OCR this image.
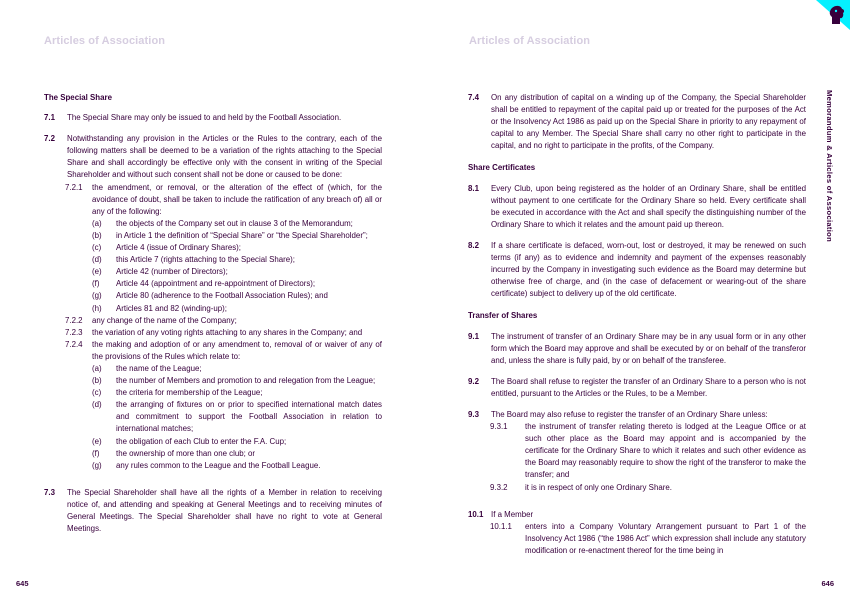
Articles of Association	Articles of Association
Memorandum & Articles of Association
The Special Share
7.1	The Special Share may only be issued to and held by the Football Association.
7.2	Notwithstanding any provision in the Articles or the Rules to the contrary, each of the following matters shall be deemed to be a variation of the rights attaching to the Special Share and shall accordingly be effective only with the consent in writing of the Special Shareholder and without such consent shall not be done or caused to be done:
7.2.1	the amendment, or removal, or the alteration of the effect of (which, for the avoidance of doubt, shall be taken to include the ratification of any breach of) all or any of the following:
(a)	the objects of the Company set out in clause 3 of the Memorandum;
(b)	in Article 1 the definition of “Special Share” or “the Special Shareholder”;
(c)	Article 4 (issue of Ordinary Shares);
(d)	this Article 7 (rights attaching to the Special Share);
(e)	Article 42 (number of Directors);
(f)	Article 44 (appointment and re-appointment of Directors);
(g)	Article 80 (adherence to the Football Association Rules); and
(h)	Articles 81 and 82 (winding-up);
7.2.2	any change of the name of the Company;
7.2.3	the variation of any voting rights attaching to any shares in the Company; and
7.2.4	the making and adoption of or any amendment to, removal of or waiver of any of the provisions of the Rules which relate to:
(a)	the name of the League;
(b)	the number of Members and promotion to and relegation from the League;
(c)	the criteria for membership of the League;
(d)	the arranging of fixtures on or prior to specified international match dates and commitment to support the Football Association in relation to international matches;
(e)	the obligation of each Club to enter the F.A. Cup;
(f)	the ownership of more than one club; or
(g)	any rules common to the League and the Football League.
7.3	The Special Shareholder shall have all the rights of a Member in relation to receiving notice of, and attending and speaking at General Meetings and to receiving minutes of General Meetings. The Special Shareholder shall have no right to vote at General Meetings.
7.4	On any distribution of capital on a winding up of the Company, the Special Shareholder shall be entitled to repayment of the capital paid up or treated for the purposes of the Act or the Insolvency Act 1986 as paid up on the Special Share in priority to any repayment of capital to any Member. The Special Share shall carry no other right to participate in the capital, and no right to participate in the profits, of the Company.
Share Certificates
8.1	Every Club, upon being registered as the holder of an Ordinary Share, shall be entitled without payment to one certificate for the Ordinary Share so held. Every certificate shall be executed in accordance with the Act and shall specify the distinguishing number of the Ordinary Share to which it relates and the amount paid up thereon.
8.2	If a share certificate is defaced, worn-out, lost or destroyed, it may be renewed on such terms (if any) as to evidence and indemnity and payment of the expenses reasonably incurred by the Company in investigating such evidence as the Board may determine but otherwise free of charge, and (in the case of defacement or wearing-out of the share certificate) subject to delivery up of the old certificate.
Transfer of Shares
9.1	The instrument of transfer of an Ordinary Share may be in any usual form or in any other form which the Board may approve and shall be executed by or on behalf of the transferor and, unless the share is fully paid, by or on behalf of the transferee.
9.2	The Board shall refuse to register the transfer of an Ordinary Share to a person who is not entitled, pursuant to the Articles or the Rules, to be a Member.
9.3	The Board may also refuse to register the transfer of an Ordinary Share unless:
9.3.1	the instrument of transfer relating thereto is lodged at the League Office or at such other place as the Board may appoint and is accompanied by the certificate for the Ordinary Share to which it relates and such other evidence as the Board may reasonably require to show the right of the transferor to make the transfer; and
9.3.2	it is in respect of only one Ordinary Share.
10.1 If a Member
10.1.1	enters into a Company Voluntary Arrangement pursuant to Part 1 of the Insolvency Act 1986 (“the 1986 Act” which expression shall include any statutory modification or re-enactment thereof for the time being in
645	646
